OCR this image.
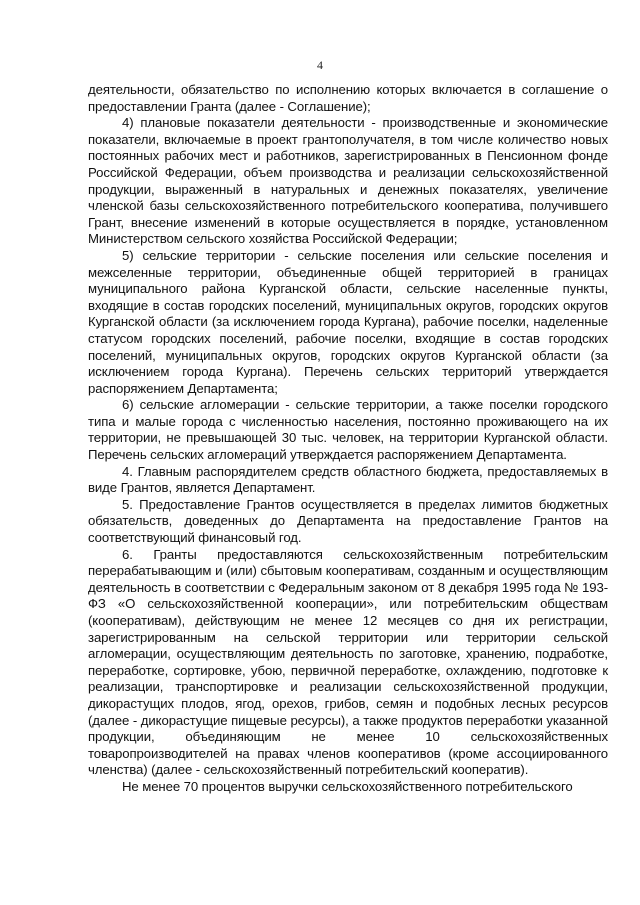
4

деятельности, обязательство по исполнению которых включается в соглашение о предоставлении Гранта (далее - Соглашение);

4) плановые показатели деятельности - производственные и экономические показатели, включаемые в проект грантополучателя, в том числе количество новых постоянных рабочих мест и работников, зарегистрированных в Пенсионном фонде Российской Федерации, объем производства и реализации сельскохозяйственной продукции, выраженный в натуральных и денежных показателях, увеличение членской базы сельскохозяйственного потребительского кооператива, получившего Грант, внесение изменений в которые осуществляется в порядке, установленном Министерством сельского хозяйства Российской Федерации;

5) сельские территории - сельские поселения или сельские поселения и межселенные территории, объединенные общей территорией в границах муниципального района Курганской области, сельские населенные пункты, входящие в состав городских поселений, муниципальных округов, городских округов Курганской области (за исключением города Кургана), рабочие поселки, наделенные статусом городских поселений, рабочие поселки, входящие в состав городских поселений, муниципальных округов, городских округов Курганской области (за исключением города Кургана). Перечень сельских территорий утверждается распоряжением Департамента;

6) сельские агломерации - сельские территории, а также поселки городского типа и малые города с численностью населения, постоянно проживающего на их территории, не превышающей 30 тыс. человек, на территории Курганской области. Перечень сельских агломераций утверждается распоряжением Департамента.

4. Главным распорядителем средств областного бюджета, предоставляемых в виде Грантов, является Департамент.

5. Предоставление Грантов осуществляется в пределах лимитов бюджетных обязательств, доведенных до Департамента на предоставление Грантов на соответствующий финансовый год.

6. Гранты предоставляются сельскохозяйственным потребительским перерабатывающим и (или) сбытовым кооперативам, созданным и осуществляющим деятельность в соответствии с Федеральным законом от 8 декабря 1995 года № 193-ФЗ «О сельскохозяйственной кооперации», или потребительским обществам (кооперативам), действующим не менее 12 месяцев со дня их регистрации, зарегистрированным на сельской территории или территории сельской агломерации, осуществляющим деятельность по заготовке, хранению, подработке, переработке, сортировке, убою, первичной переработке, охлаждению, подготовке к реализации, транспортировке и реализации сельскохозяйственной продукции, дикорастущих плодов, ягод, орехов, грибов, семян и подобных лесных ресурсов (далее - дикорастущие пищевые ресурсы), а также продуктов переработки указанной продукции, объединяющим не менее 10 сельскохозяйственных товаропроизводителей на правах членов кооперативов (кроме ассоциированного членства) (далее - сельскохозяйственный потребительский кооператив).

Не менее 70 процентов выручки сельскохозяйственного потребительского
